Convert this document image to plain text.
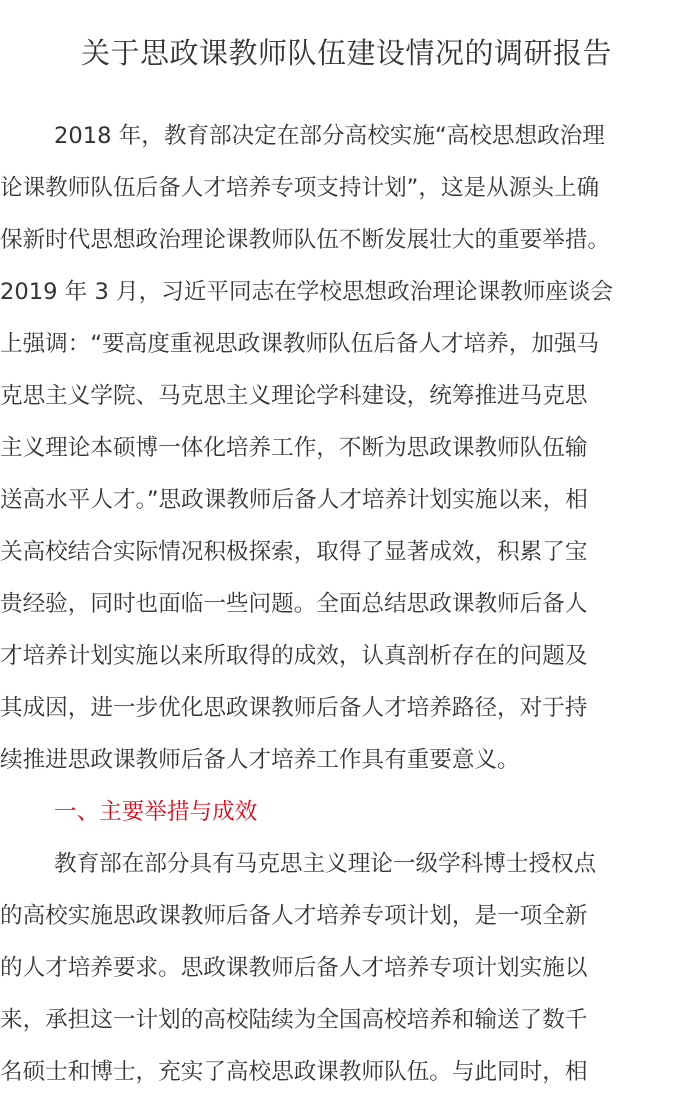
关于思政课教师队伍建设情况的调研报告

2018 年，教育部决定在部分高校实施“高校思想政治理

论课教师队伍后备人才培养专项支持计划”，这是从源头上确

保新时代思想政治理论课教师队伍不断发展壮大的重要举措。

2019 年 3 月，习近平同志在学校思想政治理论课教师座谈会

上强调：“要高度重视思政课教师队伍后备人才培养，加强马

克思主义学院、马克思主义理论学科建设，统筹推进马克思

主义理论本硕博一体化培养工作，不断为思政课教师队伍输

送高水平人才。”思政课教师后备人才培养计划实施以来，相

关高校结合实际情况积极探索，取得了显著成效，积累了宝

贵经验，同时也面临一些问题。全面总结思政课教师后备人

才培养计划实施以来所取得的成效，认真剖析存在的问题及

其成因，进一步优化思政课教师后备人才培养路径，对于持

续推进思政课教师后备人才培养工作具有重要意义。

一、主要举措与成效

教育部在部分具有马克思主义理论一级学科博士授权点

的高校实施思政课教师后备人才培养专项计划，是一项全新

的人才培养要求。思政课教师后备人才培养专项计划实施以

来，承担这一计划的高校陆续为全国高校培养和输送了数千

名硕士和博士，充实了高校思政课教师队伍。与此同时，相
